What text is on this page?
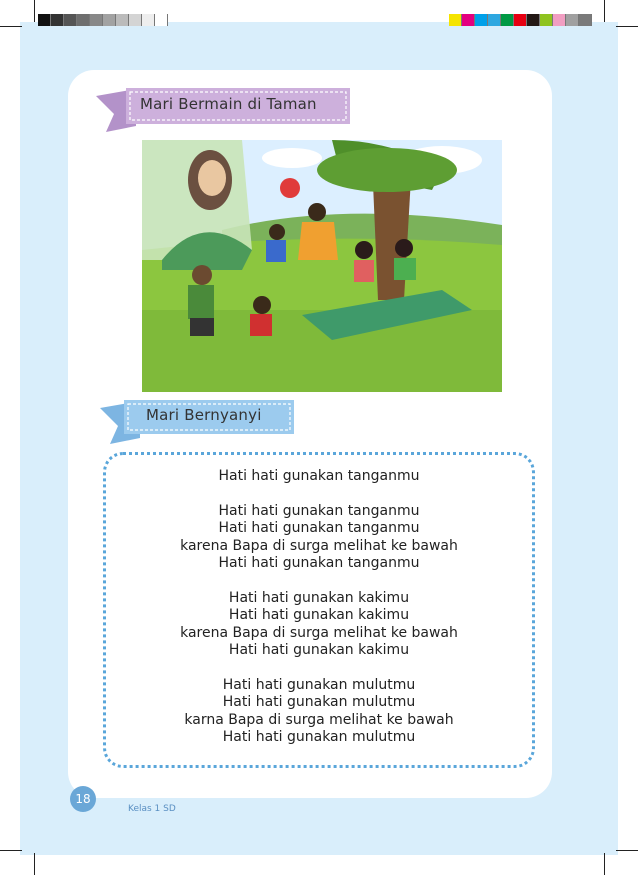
Mari Bermain di Taman
Mari Bernyanyi
Hati hati gunakan tanganmu
Hati hati gunakan tanganmu
Hati hati gunakan tanganmu
karena Bapa di surga melihat ke bawah
Hati hati gunakan tanganmu
Hati hati gunakan kakimu
Hati hati gunakan kakimu
karena Bapa di surga melihat ke bawah
Hati hati gunakan kakimu
Hati hati gunakan mulutmu
Hati hati gunakan mulutmu
karna Bapa di surga melihat ke bawah
Hati hati gunakan mulutmu
18
Kelas 1 SD
